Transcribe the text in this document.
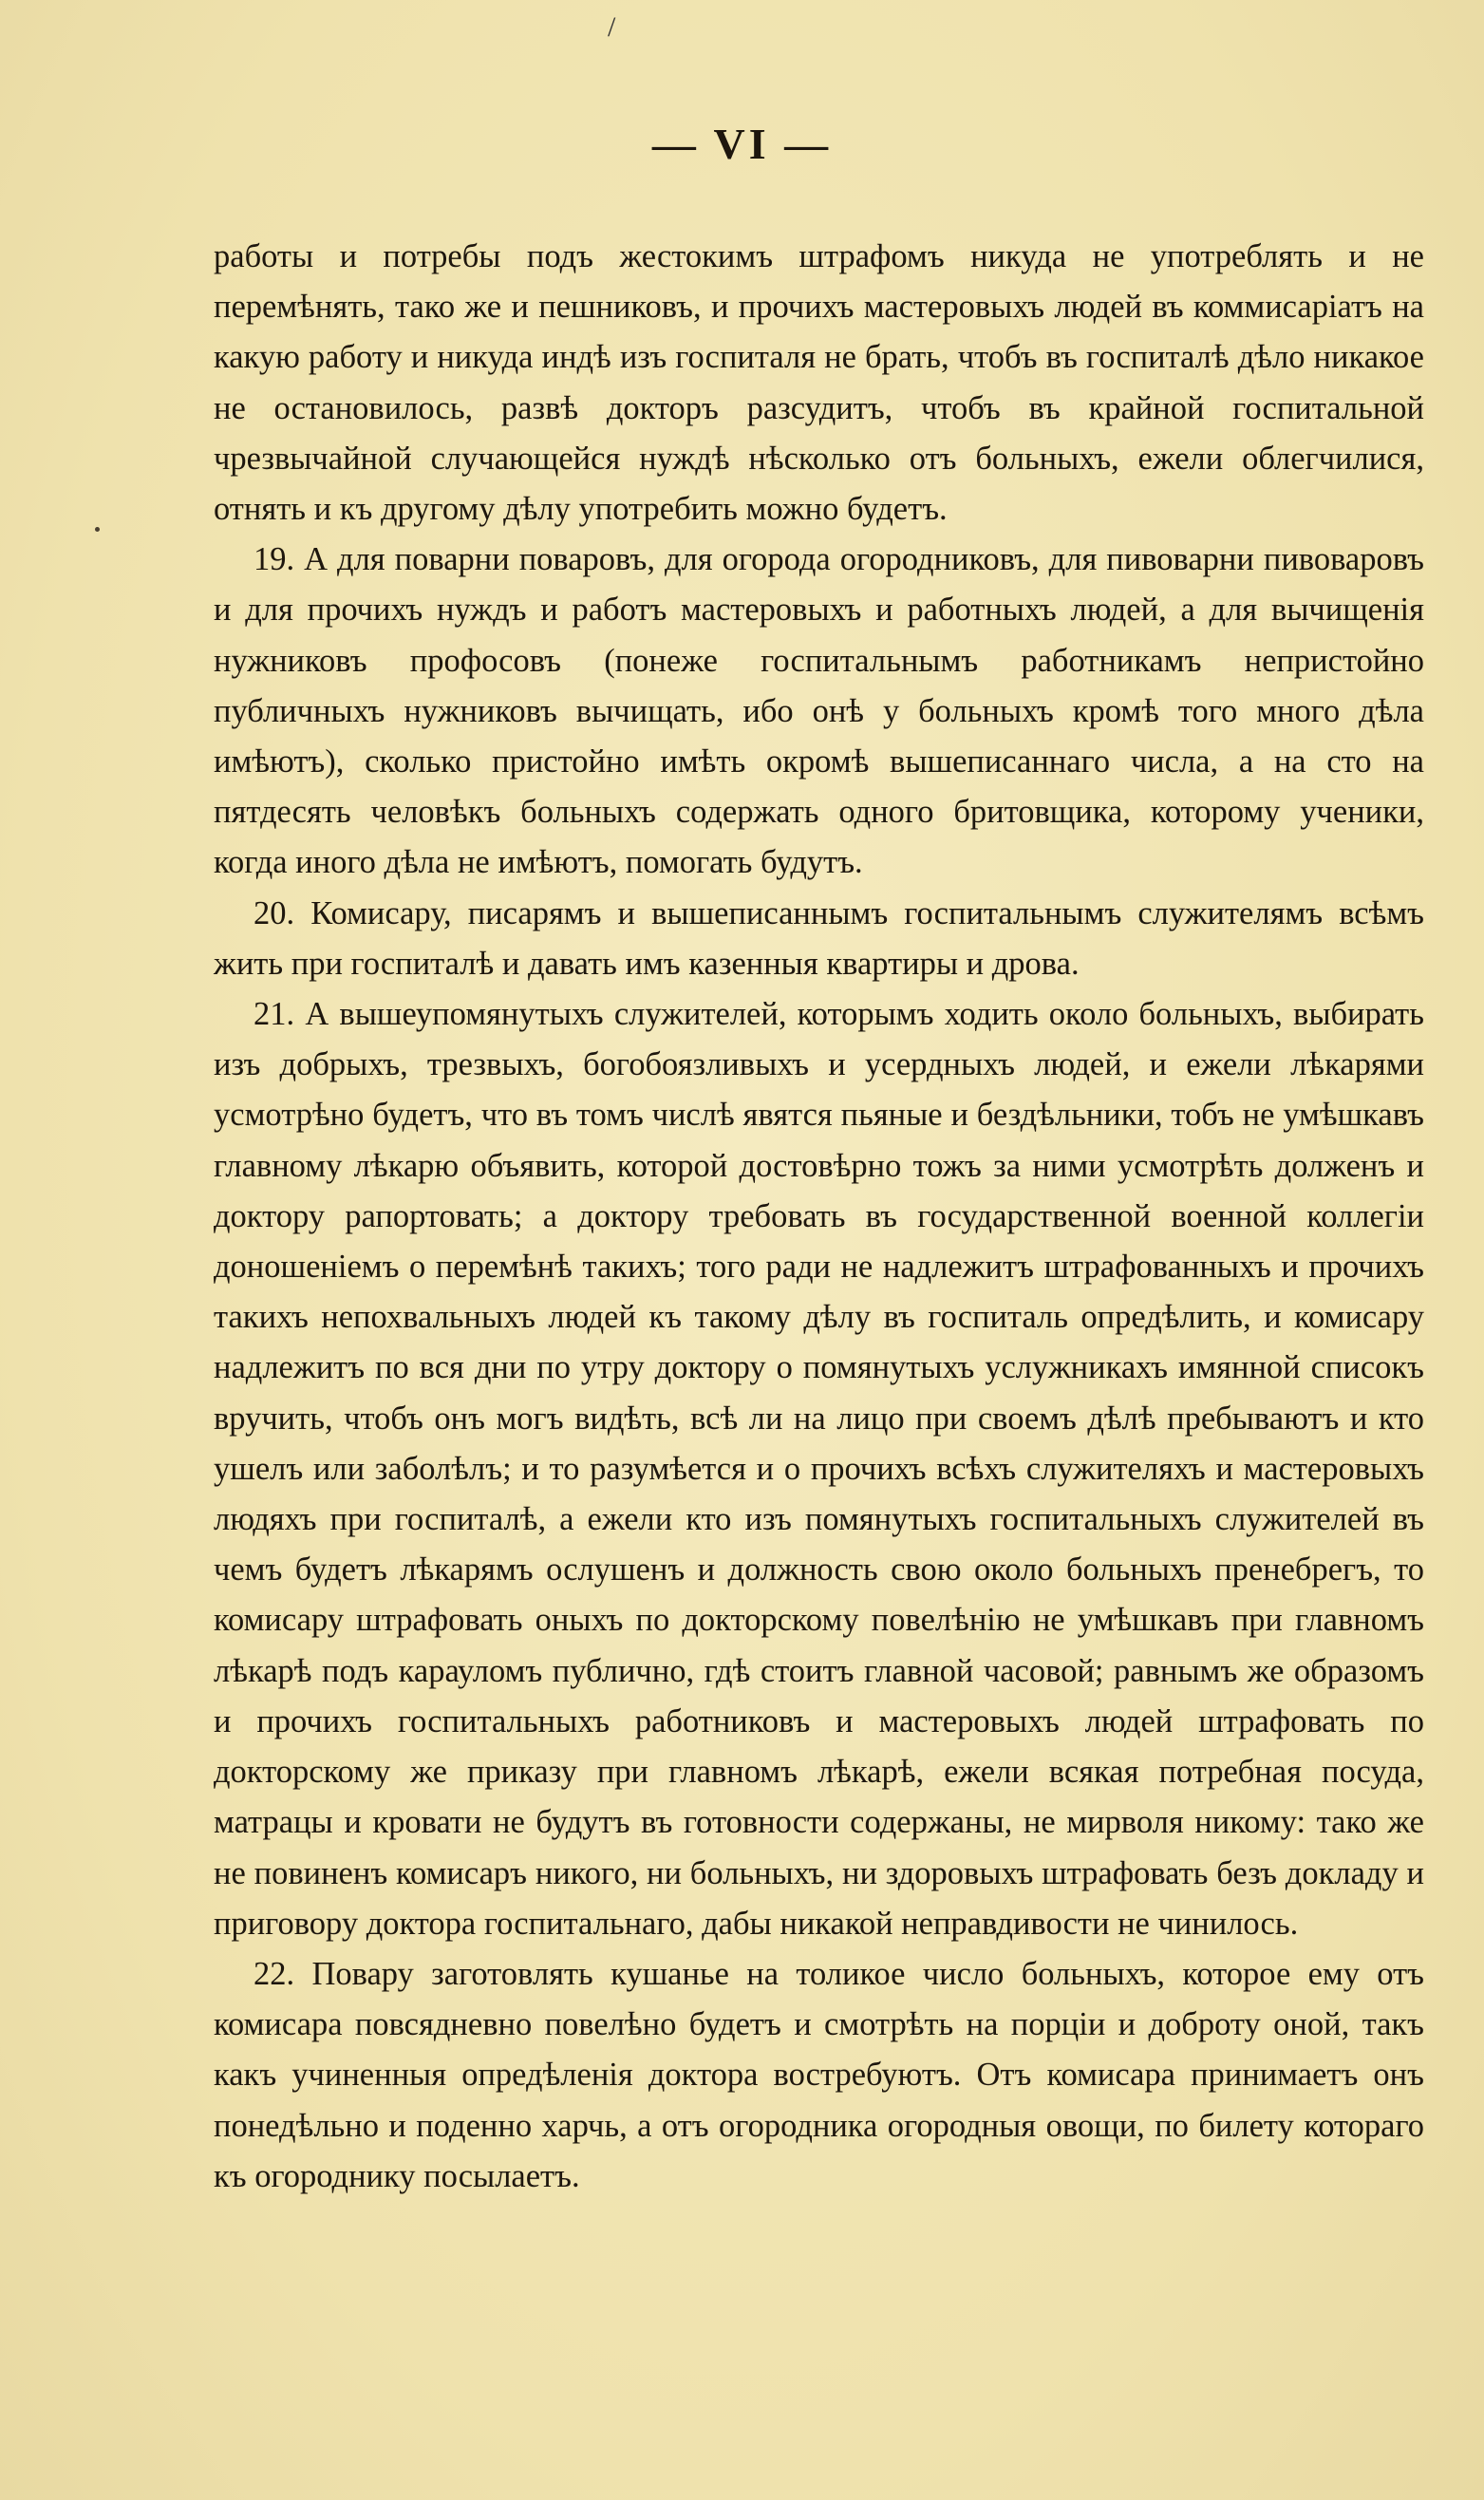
/
— VI —

работы и потребы подъ жестокимъ штрафомъ никуда не употреблять и не перемѣнять, тако же и пешниковъ, и прочихъ мастеровыхъ людей въ коммисаріатъ на какую работу и никуда индѣ изъ госпиталя не брать, чтобъ въ госпиталѣ дѣло никакое не остановилось, развѣ докторъ разсудитъ, чтобъ въ крайной госпитальной чрезвычайной случающейся нуждѣ нѣсколько отъ больныхъ, ежели облегчилися, отнять и къ другому дѣлу употребить можно будетъ.

19. А для поварни поваровъ, для огорода огородниковъ, для пивоварни пивоваровъ и для прочихъ нуждъ и работъ мастеровыхъ и работныхъ людей, а для вычищенія нужниковъ профосовъ (понеже госпитальнымъ работникамъ непристойно публичныхъ нужниковъ вычищать, ибо онѣ у больныхъ кромѣ того много дѣла имѣютъ), сколько пристойно имѣть окромѣ вышеписаннаго числа, а на сто на пятдесять человѣкъ больныхъ содержать одного бритовщика, которому ученики, когда иного дѣла не имѣютъ, помогать будутъ.

20. Комисару, писарямъ и вышеписаннымъ госпитальнымъ служителямъ всѣмъ жить при госпиталѣ и давать имъ казенныя квартиры и дрова.

21. А вышеупомянутыхъ служителей, которымъ ходить около больныхъ, выбирать изъ добрыхъ, трезвыхъ, богобоязливыхъ и усердныхъ людей, и ежели лѣкарями усмотрѣно будетъ, что въ томъ числѣ явятся пьяные и бездѣльники, тобъ не умѣшкавъ главному лѣкарю объявить, которой достовѣрно тожъ за ними усмотрѣть долженъ и доктору рапортовать; а доктору требовать въ государственной военной коллегіи доношеніемъ о перемѣнѣ такихъ; того ради не надлежитъ штрафованныхъ и прочихъ такихъ непохвальныхъ людей къ такому дѣлу въ госпиталь опредѣлить, и комисару надлежитъ по вся дни по утру доктору о помянутыхъ услужникахъ имянной списокъ вручить, чтобъ онъ могъ видѣть, всѣ ли на лицо при своемъ дѣлѣ пребываютъ и кто ушелъ или заболѣлъ; и то разумѣется и о прочихъ всѣхъ служителяхъ и мастеровыхъ людяхъ при госпиталѣ, а ежели кто изъ помянутыхъ госпитальныхъ служителей въ чемъ будетъ лѣкарямъ ослушенъ и должность свою около больныхъ пренебрегъ, то комисару штрафовать оныхъ по докторскому повелѣнію не умѣшкавъ при главномъ лѣкарѣ подъ карауломъ публично, гдѣ стоитъ главной часовой; равнымъ же образомъ и прочихъ госпитальныхъ работниковъ и мастеровыхъ людей штрафовать по докторскому же приказу при главномъ лѣкарѣ, ежели всякая потребная посуда, матрацы и кровати не будутъ въ готовности содержаны, не мирволя никому: тако же не повиненъ комисаръ никого, ни больныхъ, ни здоровыхъ штрафовать безъ докладу и приговору доктора госпитальнаго, дабы никакой неправдивости не чинилось.

22. Повару заготовлять кушанье на толикое число больныхъ, которое ему отъ комисара повсядневно повелѣно будетъ и смотрѣть на порціи и доброту оной, такъ какъ учиненныя опредѣленія доктора востребуютъ. Отъ комисара принимаетъ онъ понедѣльно и поденно харчь, а отъ огородника огородныя овощи, по билету котораго къ огороднику посылаетъ.
